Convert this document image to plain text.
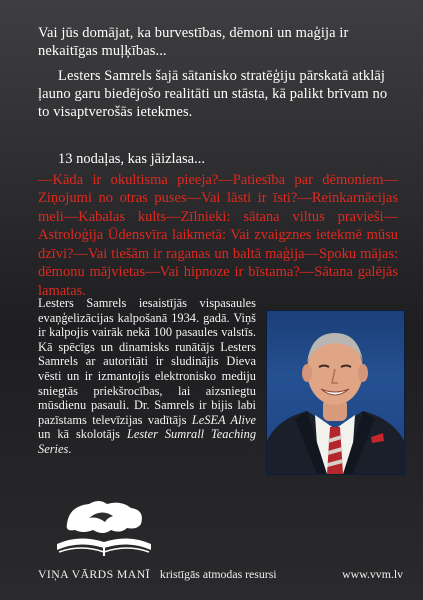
Vai jūs domājat, ka burvestības, dēmoni un maģija ir nekaitīgas muļķības...

Lesters Samrels šajā sātanisko stratēģiju pārskatā atklāj ļauno garu biedējošo realitāti un stāsta, kā palikt brīvam no to visaptverošās ietekmes.

13 nodaļas, kas jāizlasa...
—Kāda ir okultisma pieeja?—Patiesība par dēmoniem—Ziņojumi no otras puses—Vai lāsti ir īsti?—Reinkarnācijas meli—Kabalas kults—Zīlnieki: sātana viltus pravieši—Astroloģija Ūdensvīra laikmetā: Vai zvaigznes ietekmē mūsu dzīvi?—Vai tiešām ir raganas un baltā maģija—Spoku mājas: dēmonu mājvietas—Vai hipnoze ir bīstama?—Sātana galējās lamatas.
Lesters Samrels iesaistījās vispasaules evaņģelizācijas kalpošanā 1934. gadā. Viņš ir kalpojis vairāk nekā 100 pasaules valstīs. Kā spēcīgs un dinamisks runātājs Lesters Samrels ar autoritāti ir sludinājis Dieva vēsti un ir izmantojis elektronisko mediju sniegtās priekšrocības, lai aizsniegtu mūsdienu pasauli. Dr. Samrels ir bijis labi pazīstams televīzijas vadītājs LeSEA Alive un kā skolotājs Lester Sumrall Teaching Series.
VIŅA VĀRDS MANĪ kristīgās atmodas resursi	www.vvm.lv
